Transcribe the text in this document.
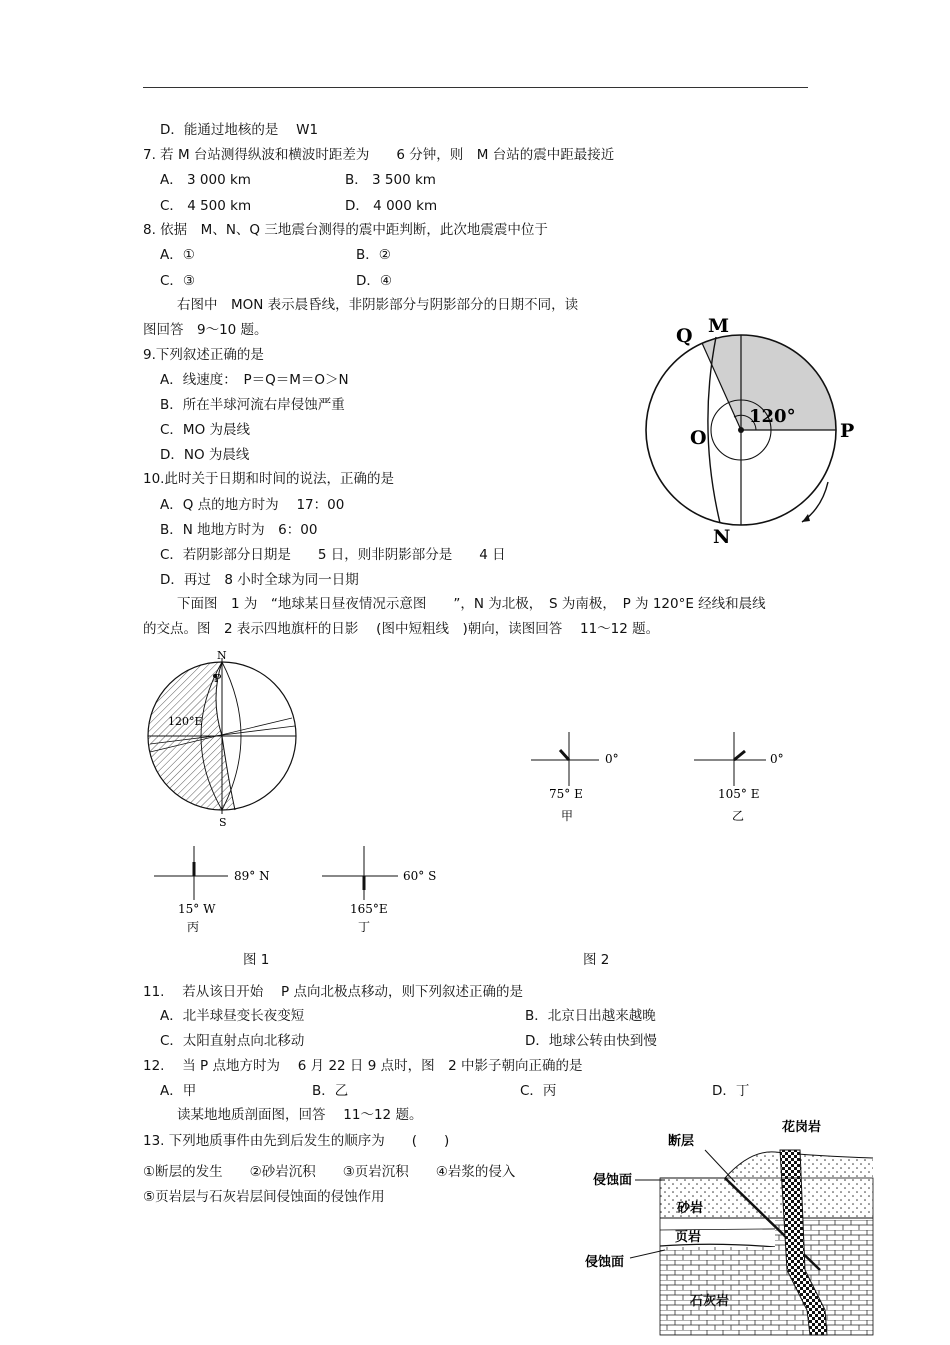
D．能通过地核的是　 W1
7. 若 M 台站测得纵波和横波时距差为　　6 分钟，则　M 台站的震中距最接近
A． 3 000 km	B． 3 500 km
C． 4 500 km	D． 4 000 km
8. 依据　M、N、Q 三地震台测得的震中距判断，此次地震震中位于
A．①	B．②
C．③	D．④
右图中　MON 表示晨昏线，非阴影部分与阴影部分的日期不同，读
图回答　9～10 题。
9.下列叙述正确的是
A．线速度：　P＝Q＝M＝O＞N
B．所在半球河流右岸侵蚀严重
C．MO 为晨线
D．NO 为晨线
10.此时关于日期和时间的说法，正确的是
A．Q 点的地方时为　 17：00
B．N 地地方时为　6：00
C．若阴影部分日期是　　5 日，则非阴影部分是　　4 日
D．再过　8 小时全球为同一日期
Q M
O
N
P
120°
下面图　1 为　“地球某日昼夜情况示意图　　”，N 为北极，　S 为南极，　P 为 120°E 经线和晨线
的交点。图　2 表示四地旗杆的日影　 (图中短粗线　)朝向，读图回答　 11～12 题。
N
P
120°E
S
0°
75° E
甲
0°
105° E
乙
89° N
15° W
丙
60° S
165°E
丁
图 1	图 2
11.　 若从该日开始　 P 点向北极点移动，则下列叙述正确的是
A．北半球昼变长夜变短	B．北京日出越来越晚
C．太阳直射点向北移动	D．地球公转由快到慢
12.　 当 P 点地方时为　 6 月 22 日 9 点时，图　2 中影子朝向正确的是
A．甲	B．乙	C．丙	D．丁
读某地地质剖面图，回答　 11～12 题。
13. 下列地质事件由先到后发生的顺序为　　(　　)
①断层的发生　　②砂岩沉积　　③页岩沉积　　④岩浆的侵入
⑤页岩层与石灰岩层间侵蚀面的侵蚀作用
花岗岩
断层
侵蚀面
砂岩
页岩
侵蚀面
石灰岩
